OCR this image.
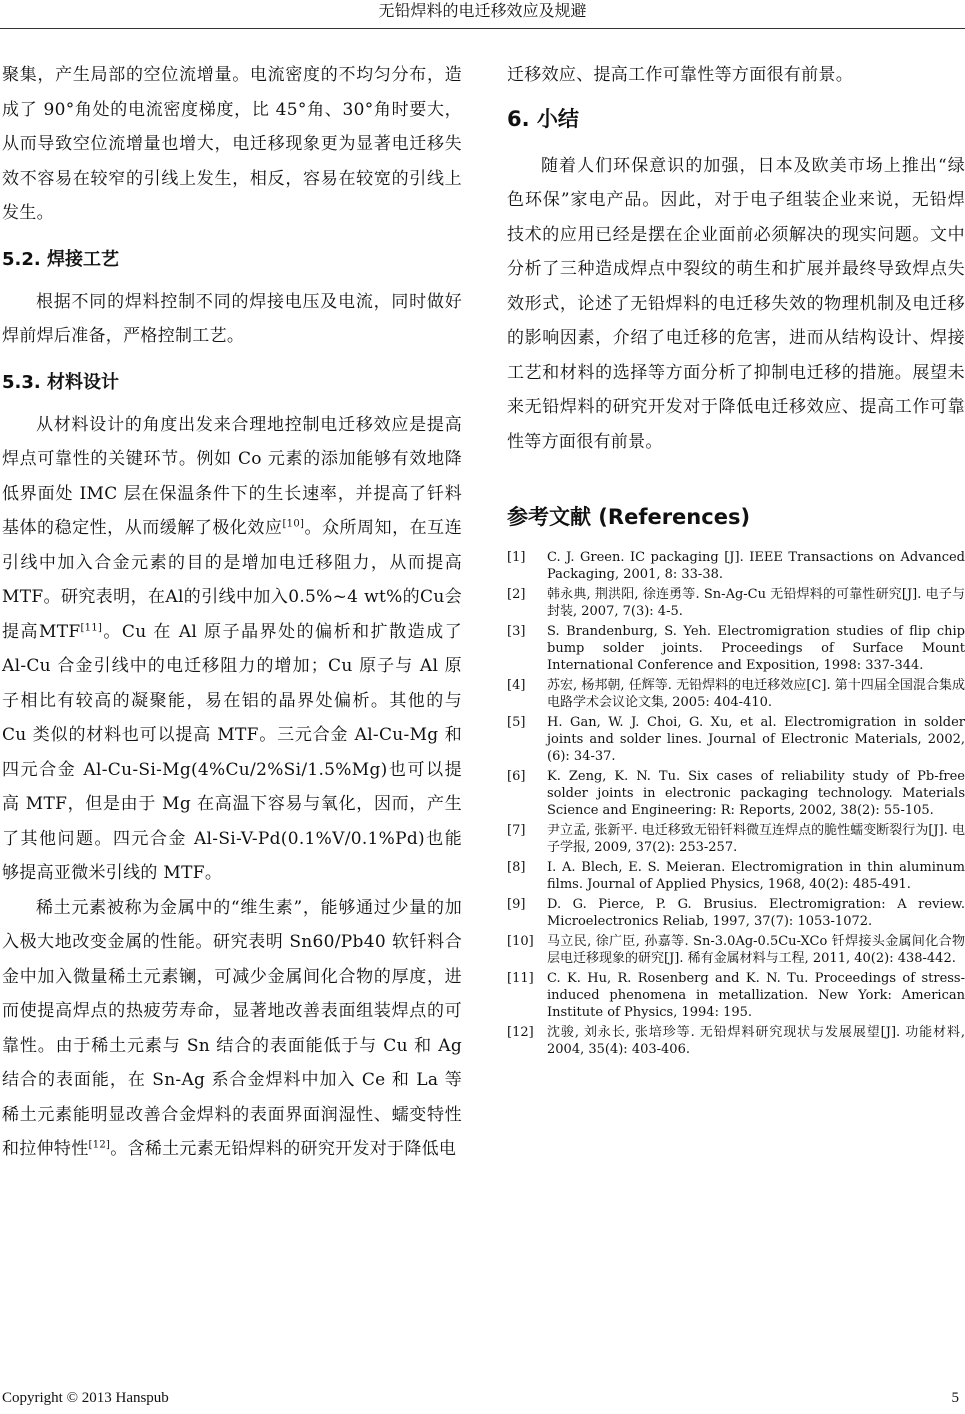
无铅焊料的电迁移效应及规避

聚集，产生局部的空位流增量。电流密度的不均匀分布，造成了 90°角处的电流密度梯度，比 45°角、30°角时要大，从而导致空位流增量也增大，电迁移现象更为显著电迁移失效不容易在较窄的引线上发生，相反，容易在较宽的引线上发生。

5.2. 焊接工艺

根据不同的焊料控制不同的焊接电压及电流，同时做好焊前焊后准备，严格控制工艺。

5.3. 材料设计

从材料设计的角度出发来合理地控制电迁移效应是提高焊点可靠性的关键环节。例如 Co 元素的添加能够有效地降低界面处 IMC 层在保温条件下的生长速率，并提高了钎料基体的稳定性，从而缓解了极化效应[10]。众所周知，在互连引线中加入合金元素的目的是增加电迁移阻力，从而提高 MTF。研究表明，在Al的引线中加入0.5%~4 wt%的Cu会提高MTF[11]。Cu 在 Al 原子晶界处的偏析和扩散造成了 Al-Cu 合金引线中的电迁移阻力的增加；Cu 原子与 Al 原子相比有较高的凝聚能，易在铝的晶界处偏析。其他的与 Cu 类似的材料也可以提高 MTF。三元合金 Al-Cu-Mg 和四元合金 Al-Cu-Si-Mg(4%Cu/2%Si/1.5%Mg)也可以提高 MTF，但是由于 Mg 在高温下容易与氧化，因而，产生了其他问题。四元合金 Al-Si-V-Pd(0.1%V/0.1%Pd)也能够提高亚微米引线的 MTF。

稀土元素被称为金属中的“维生素”，能够通过少量的加入极大地改变金属的性能。研究表明 Sn60/Pb40 软钎料合金中加入微量稀土元素镧，可减少金属间化合物的厚度，进而使提高焊点的热疲劳寿命，显著地改善表面组装焊点的可靠性。由于稀土元素与 Sn 结合的表面能低于与 Cu 和 Ag 结合的表面能，在 Sn-Ag 系合金焊料中加入 Ce 和 La 等稀土元素能明显改善合金焊料的表面界面润湿性、蠕变特性和拉伸特性[12]。含稀土元素无铅焊料的研究开发对于降低电

迁移效应、提高工作可靠性等方面很有前景。

6. 小结

随着人们环保意识的加强，日本及欧美市场上推出“绿色环保”家电产品。因此，对于电子组装企业来说，无铅焊技术的应用已经是摆在企业面前必须解决的现实问题。文中分析了三种造成焊点中裂纹的萌生和扩展并最终导致焊点失效形式，论述了无铅焊料的电迁移失效的物理机制及电迁移的影响因素，介绍了电迁移的危害，进而从结构设计、焊接工艺和材料的选择等方面分析了抑制电迁移的措施。展望未来无铅焊料的研究开发对于降低电迁移效应、提高工作可靠性等方面很有前景。

参考文献 (References)
[1]	C. J. Green. IC packaging [J]. IEEE Transactions on Advanced Packaging, 2001, 8: 33-38.
[2]	韩永典, 荆洪阳, 徐连勇等. Sn-Ag-Cu 无铅焊料的可靠性研究[J]. 电子与封装, 2007, 7(3): 4-5.
[3]	S. Brandenburg, S. Yeh. Electromigration studies of flip chip bump solder joints. Proceedings of Surface Mount International Conference and Exposition, 1998: 337-344.
[4]	苏宏, 杨邦朝, 任辉等. 无铅焊料的电迁移效应[C]. 第十四届全国混合集成电路学术会议论文集, 2005: 404-410.
[5]	H. Gan, W. J. Choi, G. Xu, et al. Electromigration in solder joints and solder lines. Journal of Electronic Materials, 2002, (6): 34-37.
[6]	K. Zeng, K. N. Tu. Six cases of reliability study of Pb-free solder joints in electronic packaging technology. Materials Science and Engineering: R: Reports, 2002, 38(2): 55-105.
[7]	尹立孟, 张新平. 电迁移致无铅钎料微互连焊点的脆性蠕变断裂行为[J]. 电子学报, 2009, 37(2): 253-257.
[8]	I. A. Blech, E. S. Meieran. Electromigration in thin aluminum films. Journal of Applied Physics, 1968, 40(2): 485-491.
[9]	D. G. Pierce, P. G. Brusius. Electromigration: A review. Microelectronics Reliab, 1997, 37(7): 1053-1072.
[10]	马立民, 徐广臣, 孙嘉等. Sn-3.0Ag-0.5Cu-XCo 钎焊接头金属间化合物层电迁移现象的研究[J]. 稀有金属材料与工程, 2011, 40(2): 438-442.
[11]	C. K. Hu, R. Rosenberg and K. N. Tu. Proceedings of stress-induced phenomena in metallization. New York: American Institute of Physics, 1994: 195.
[12]	沈骏, 刘永长, 张培珍等. 无铅焊料研究现状与发展展望[J]. 功能材料, 2004, 35(4): 403-406.
Copyright © 2013 Hanspub	5
